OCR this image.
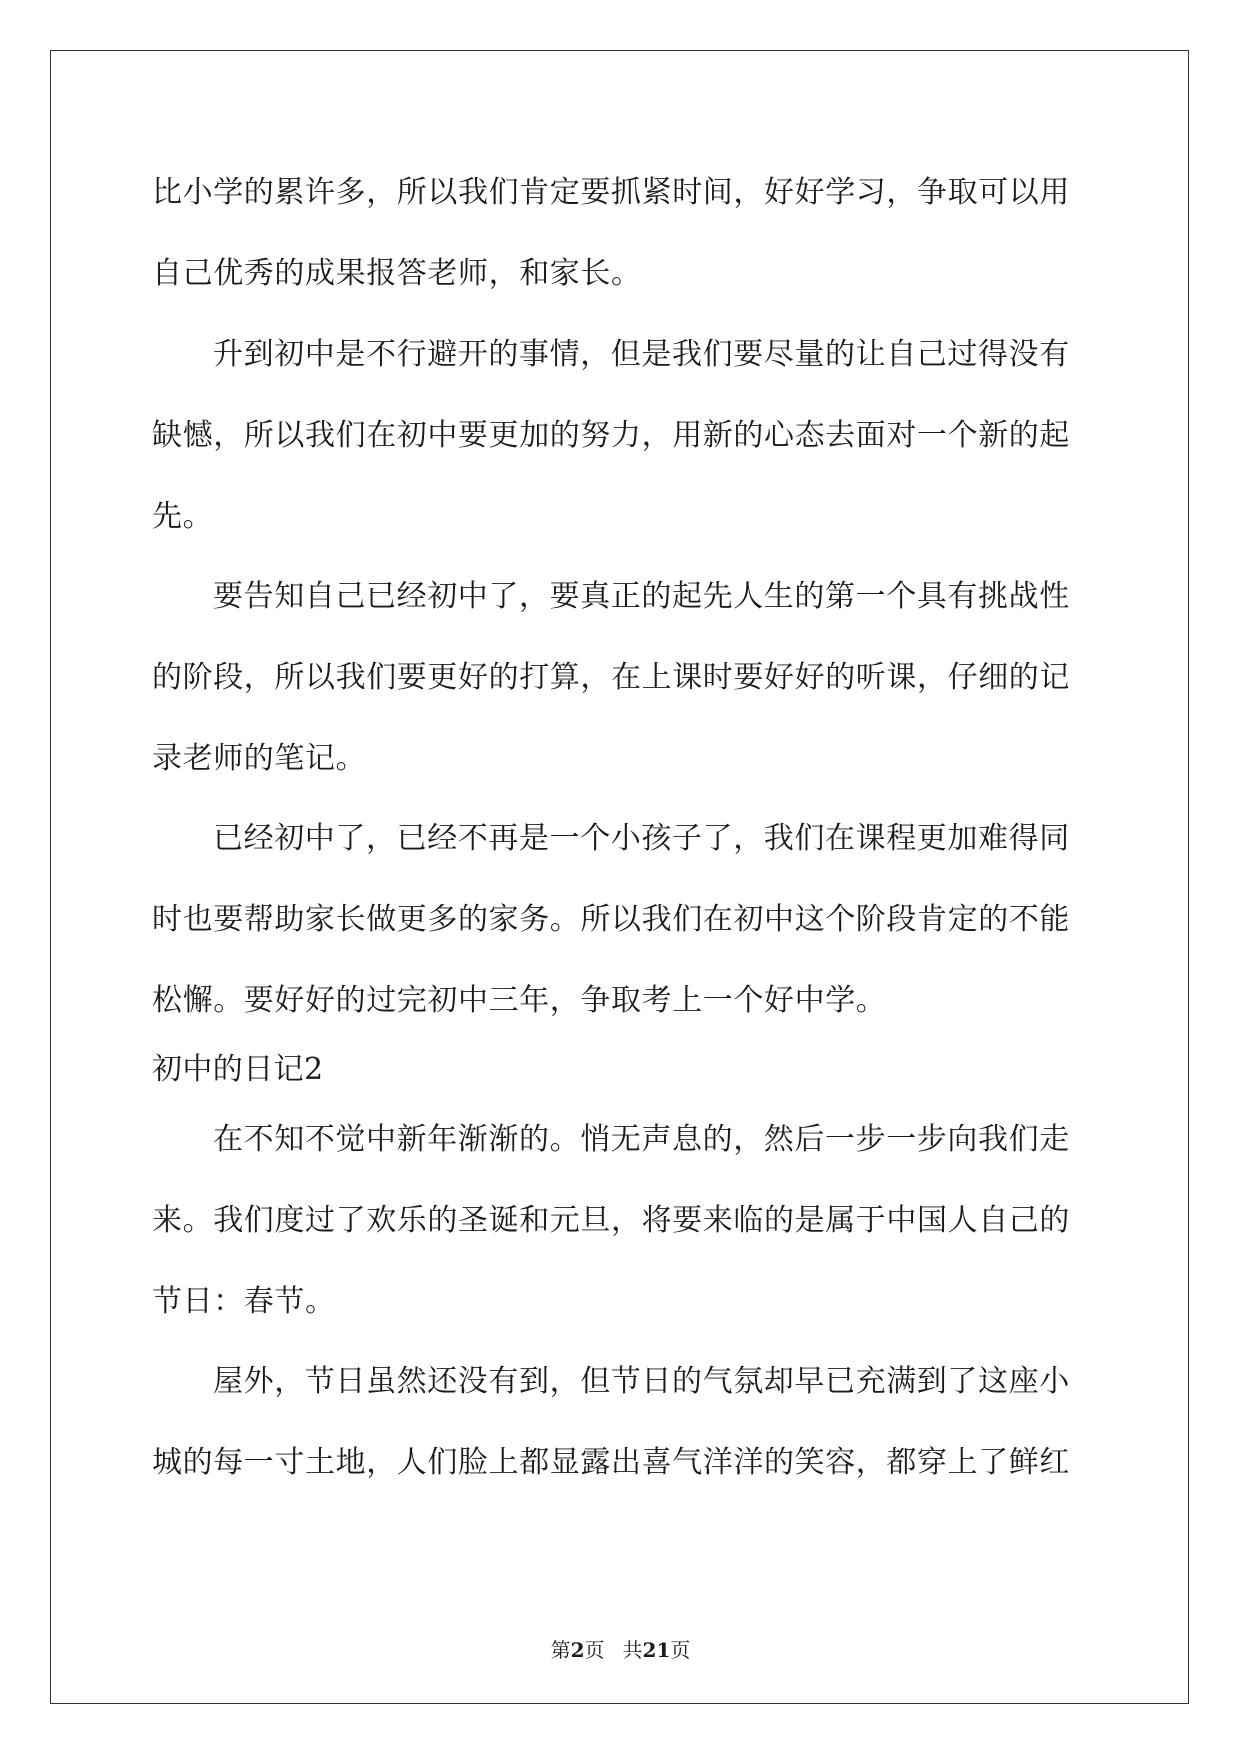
比小学的累许多，所以我们肯定要抓紧时间，好好学习，争取可以用
自己优秀的成果报答老师，和家长。
升到初中是不行避开的事情，但是我们要尽量的让自己过得没有
缺憾，所以我们在初中要更加的努力，用新的心态去面对一个新的起
先。
要告知自己已经初中了，要真正的起先人生的第一个具有挑战性
的阶段，所以我们要更好的打算，在上课时要好好的听课，仔细的记
录老师的笔记。
已经初中了，已经不再是一个小孩子了，我们在课程更加难得同
时也要帮助家长做更多的家务。所以我们在初中这个阶段肯定的不能
松懈。要好好的过完初中三年，争取考上一个好中学。
初中的日记2
在不知不觉中新年渐渐的。悄无声息的，然后一步一步向我们走
来。我们度过了欢乐的圣诞和元旦，将要来临的是属于中国人自己的
节日：春节。
屋外，节日虽然还没有到，但节日的气氛却早已充满到了这座小
城的每一寸土地，人们脸上都显露出喜气洋洋的笑容，都穿上了鲜红
第2页 共21页
